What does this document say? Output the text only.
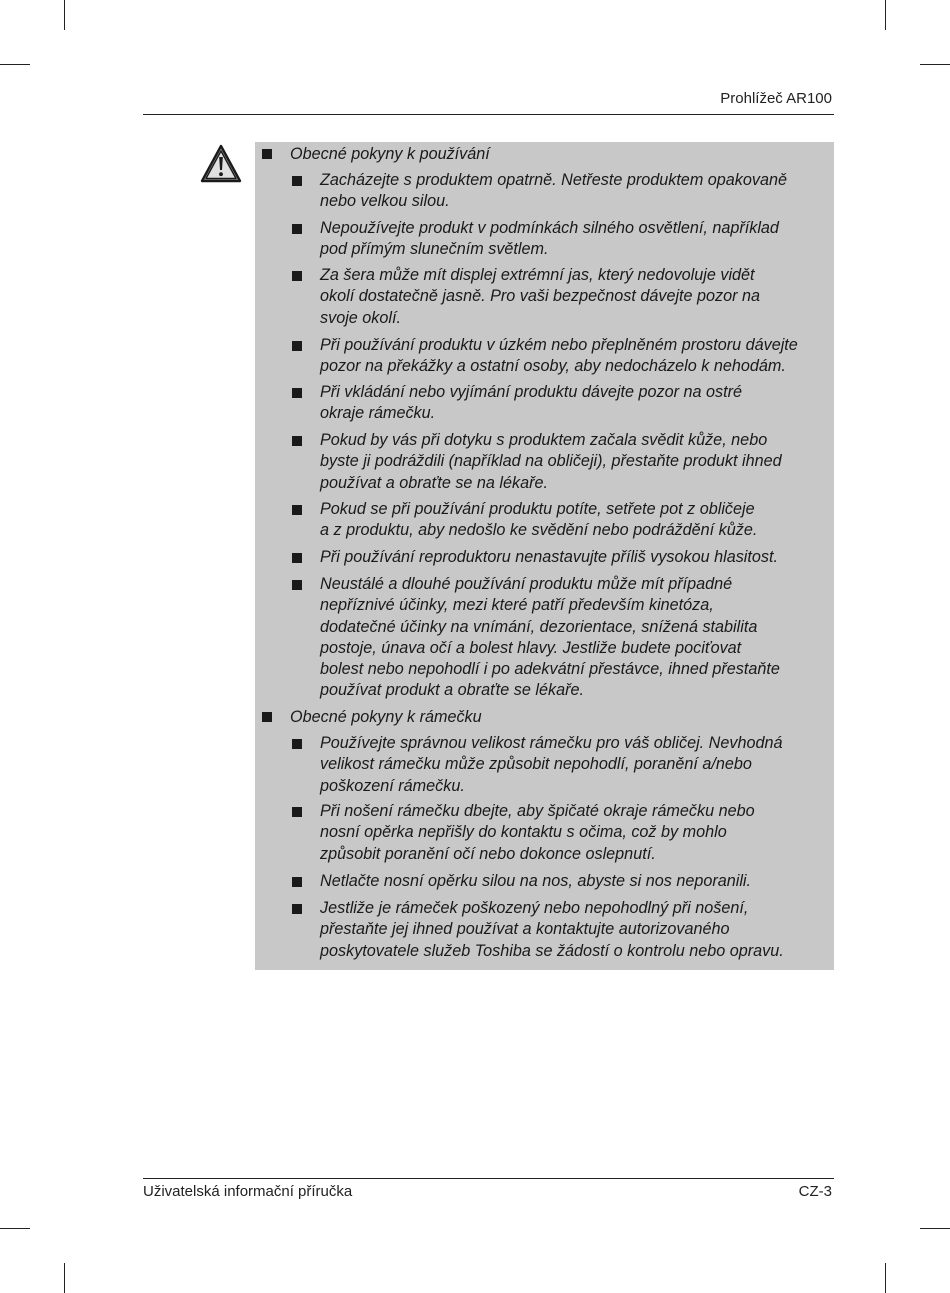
Prohlížeč AR100
Obecné pokyny k používání
Zacházejte s produktem opatrně. Netřeste produktem opakovaně
nebo velkou silou.
Nepoužívejte produkt v podmínkách silného osvětlení, například
pod přímým slunečním světlem.
Za šera může mít displej extrémní jas, který nedovoluje vidět
okolí dostatečně jasně. Pro vaši bezpečnost dávejte pozor na
svoje okolí.
Při používání produktu v úzkém nebo přeplněném prostoru dávejte
pozor na překážky a ostatní osoby, aby nedocházelo k nehodám.
Při vkládání nebo vyjímání produktu dávejte pozor na ostré
okraje rámečku.
Pokud by vás při dotyku s produktem začala svědit kůže, nebo
byste ji podráždili (například na obličeji), přestaňte produkt ihned
používat a obraťte se na lékaře.
Pokud se při používání produktu potíte, setřete pot z obličeje
a z produktu, aby nedošlo ke svědění nebo podráždění kůže.
Při používání reproduktoru nenastavujte příliš vysokou hlasitost.
Neustálé a dlouhé používání produktu může mít případné
nepříznivé účinky, mezi které patří především kinetóza,
dodatečné účinky na vnímání, dezorientace, snížená stabilita
postoje, únava očí a bolest hlavy. Jestliže budete pociťovat
bolest nebo nepohodlí i po adekvátní přestávce, ihned přestaňte
používat produkt a obraťte se lékaře.
Obecné pokyny k rámečku
Používejte správnou velikost rámečku pro váš obličej. Nevhodná
velikost rámečku může způsobit nepohodlí, poranění a/nebo
poškození rámečku.
Při nošení rámečku dbejte, aby špičaté okraje rámečku nebo
nosní opěrka nepřišly do kontaktu s očima, což by mohlo
způsobit poranění očí nebo dokonce oslepnutí.
Netlačte nosní opěrku silou na nos, abyste si nos neporanili.
Jestliže je rámeček poškozený nebo nepohodlný při nošení,
přestaňte jej ihned používat a kontaktujte autorizovaného
poskytovatele služeb Toshiba se žádostí o kontrolu nebo opravu.
Uživatelská informační příručka	CZ-3
